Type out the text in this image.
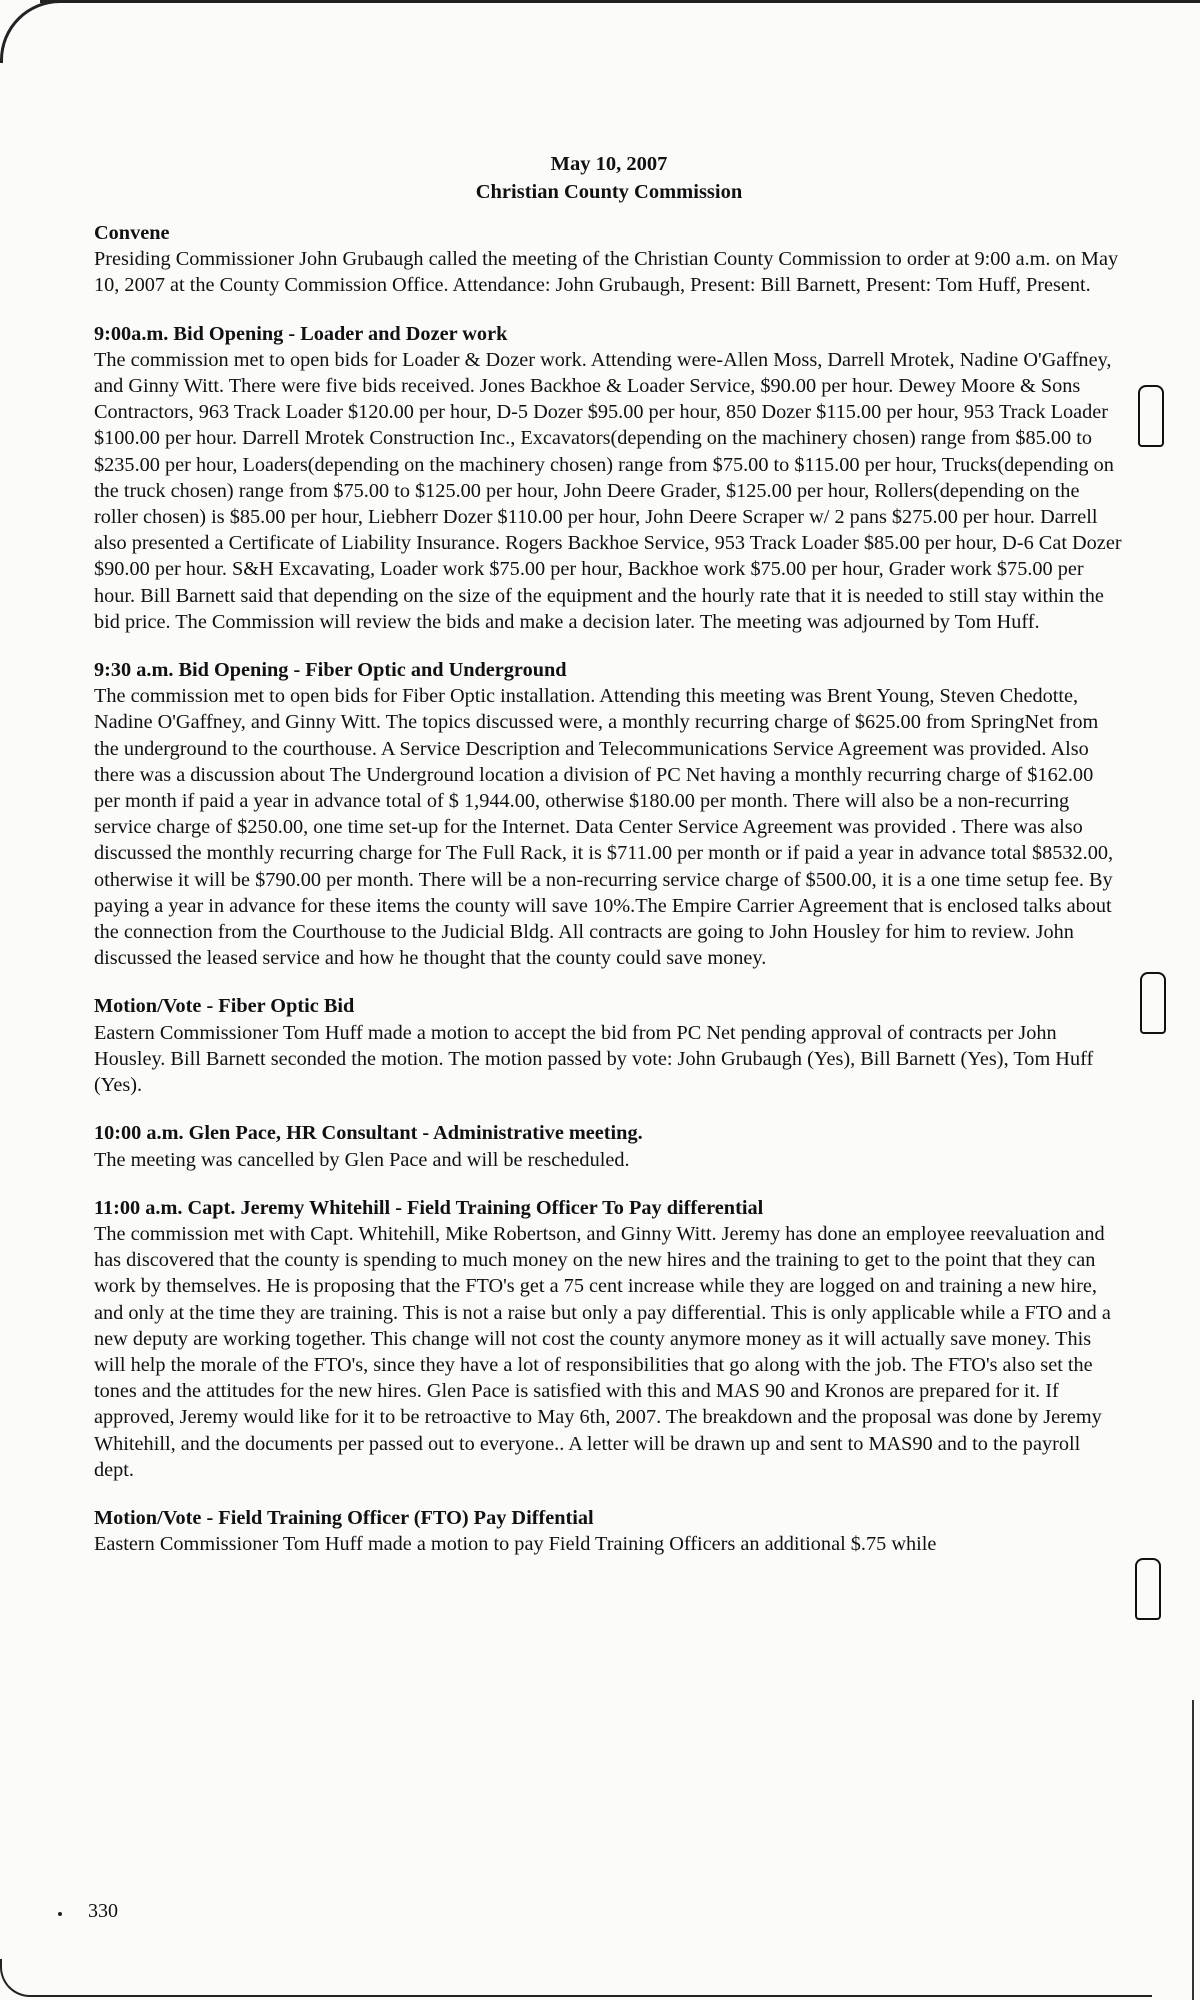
May 10, 2007
Christian County Commission
Convene
Presiding Commissioner John Grubaugh called the meeting of the Christian County Commission to order at 9:00 a.m. on May 10, 2007 at the County Commission Office. Attendance: John Grubaugh, Present: Bill Barnett, Present: Tom Huff, Present.
9:00a.m. Bid Opening - Loader and Dozer work
The commission met to open bids for Loader & Dozer work. Attending were-Allen Moss, Darrell Mrotek, Nadine O'Gaffney, and Ginny Witt. There were five bids received. Jones Backhoe & Loader Service, $90.00 per hour. Dewey Moore & Sons Contractors, 963 Track Loader $120.00 per hour, D-5 Dozer $95.00 per hour, 850 Dozer $115.00 per hour, 953 Track Loader $100.00 per hour. Darrell Mrotek Construction Inc., Excavators(depending on the machinery chosen) range from $85.00 to $235.00 per hour, Loaders(depending on the machinery chosen) range from $75.00 to $115.00 per hour, Trucks(depending on the truck chosen) range from $75.00 to $125.00 per hour, John Deere Grader, $125.00 per hour, Rollers(depending on the roller chosen) is $85.00 per hour, Liebherr Dozer $110.00 per hour, John Deere Scraper w/ 2 pans $275.00 per hour. Darrell also presented a Certificate of Liability Insurance. Rogers Backhoe Service, 953 Track Loader $85.00 per hour, D-6 Cat Dozer $90.00 per hour. S&H Excavating, Loader work $75.00 per hour, Backhoe work $75.00 per hour, Grader work $75.00 per hour. Bill Barnett said that depending on the size of the equipment and the hourly rate that it is needed to still stay within the bid price. The Commission will review the bids and make a decision later. The meeting was adjourned by Tom Huff.
9:30 a.m. Bid Opening - Fiber Optic and Underground
The commission met to open bids for Fiber Optic installation. Attending this meeting was Brent Young, Steven Chedotte, Nadine O'Gaffney, and Ginny Witt. The topics discussed were, a monthly recurring charge of $625.00 from SpringNet from the underground to the courthouse. A Service Description and Telecommunications Service Agreement was provided. Also there was a discussion about The Underground location a division of PC Net having a monthly recurring charge of $162.00 per month if paid a year in advance total of $ 1,944.00, otherwise $180.00 per month. There will also be a non-recurring service charge of $250.00, one time set-up for the Internet. Data Center Service Agreement was provided . There was also discussed the monthly recurring charge for The Full Rack, it is $711.00 per month or if paid a year in advance total $8532.00, otherwise it will be $790.00 per month. There will be a non-recurring service charge of $500.00, it is a one time setup fee. By paying a year in advance for these items the county will save 10%.The Empire Carrier Agreement that is enclosed talks about the connection from the Courthouse to the Judicial Bldg. All contracts are going to John Housley for him to review. John discussed the leased service and how he thought that the county could save money.
Motion/Vote - Fiber Optic Bid
Eastern Commissioner Tom Huff made a motion to accept the bid from PC Net pending approval of contracts per John Housley. Bill Barnett seconded the motion. The motion passed by vote: John Grubaugh (Yes), Bill Barnett (Yes), Tom Huff (Yes).
10:00 a.m. Glen Pace, HR Consultant - Administrative meeting.
The meeting was cancelled by Glen Pace and will be rescheduled.
11:00 a.m. Capt. Jeremy Whitehill - Field Training Officer To Pay differential
The commission met with Capt. Whitehill, Mike Robertson, and Ginny Witt. Jeremy has done an employee reevaluation and has discovered that the county is spending to much money on the new hires and the training to get to the point that they can work by themselves. He is proposing that the FTO's get a 75 cent increase while they are logged on and training a new hire, and only at the time they are training. This is not a raise but only a pay differential. This is only applicable while a FTO and a new deputy are working together. This change will not cost the county anymore money as it will actually save money. This will help the morale of the FTO's, since they have a lot of responsibilities that go along with the job. The FTO's also set the tones and the attitudes for the new hires. Glen Pace is satisfied with this and MAS 90 and Kronos are prepared for it. If approved, Jeremy would like for it to be retroactive to May 6th, 2007. The breakdown and the proposal was done by Jeremy Whitehill, and the documents per passed out to everyone.. A letter will be drawn up and sent to MAS90 and to the payroll dept.
Motion/Vote - Field Training Officer (FTO) Pay Diffential
Eastern Commissioner Tom Huff made a motion to pay Field Training Officers an additional $.75 while
330
